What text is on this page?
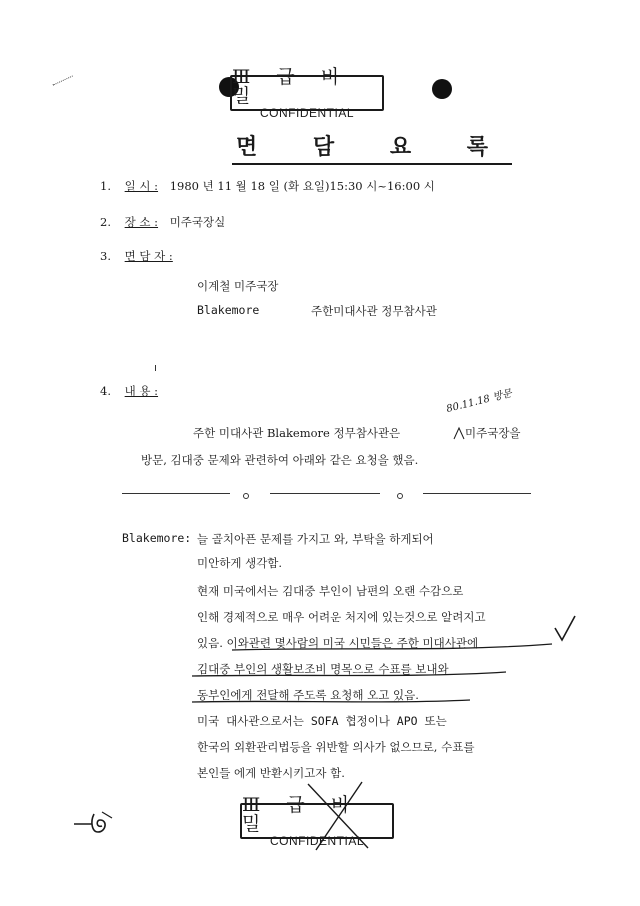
Ⅲ 급 비 밀
CONFIDENTIAL
면 담 요 록
1. 일 시 : 1980 년 11 월 18 일 (화 요일)15:30 시~16:00 시
2. 장 소 : 미주국장실
3. 면 담 자 :
이계철 미주국장
Blakemore	주한미대사관 정무참사관
4. 내 용 :	80.11.18 방문
주한 미대사관 Blakemore 정무참사관은	미주국장을
방문, 김대중 문제와 관련하여 아래와 같은 요청을 했음.
Blakemore: 늘 골치아픈 문제를 가지고 와, 부탁을 하게되어
미안하게 생각함.
현재 미국에서는 김대중 부인이 남편의 오랜 수감으로
인해 경제적으로 매우 어려운 처지에 있는것으로 알려지고
있음. 이와관련 몇사람의 미국 시민들은 주한 미대사관에
김대중 부인의 생활보조비 명목으로 수표를 보내와
동부인에게 전달해 주도록 요청해 오고 있음.
미국 대사관으로서는 SOFA 협정이나 APO 또는
한국의 외환관리법등을 위반할 의사가 없으므로, 수표를
본인들 에게 반환시키고자 함.
Ⅲ 급 비 밀
CONFIDENTIAL
